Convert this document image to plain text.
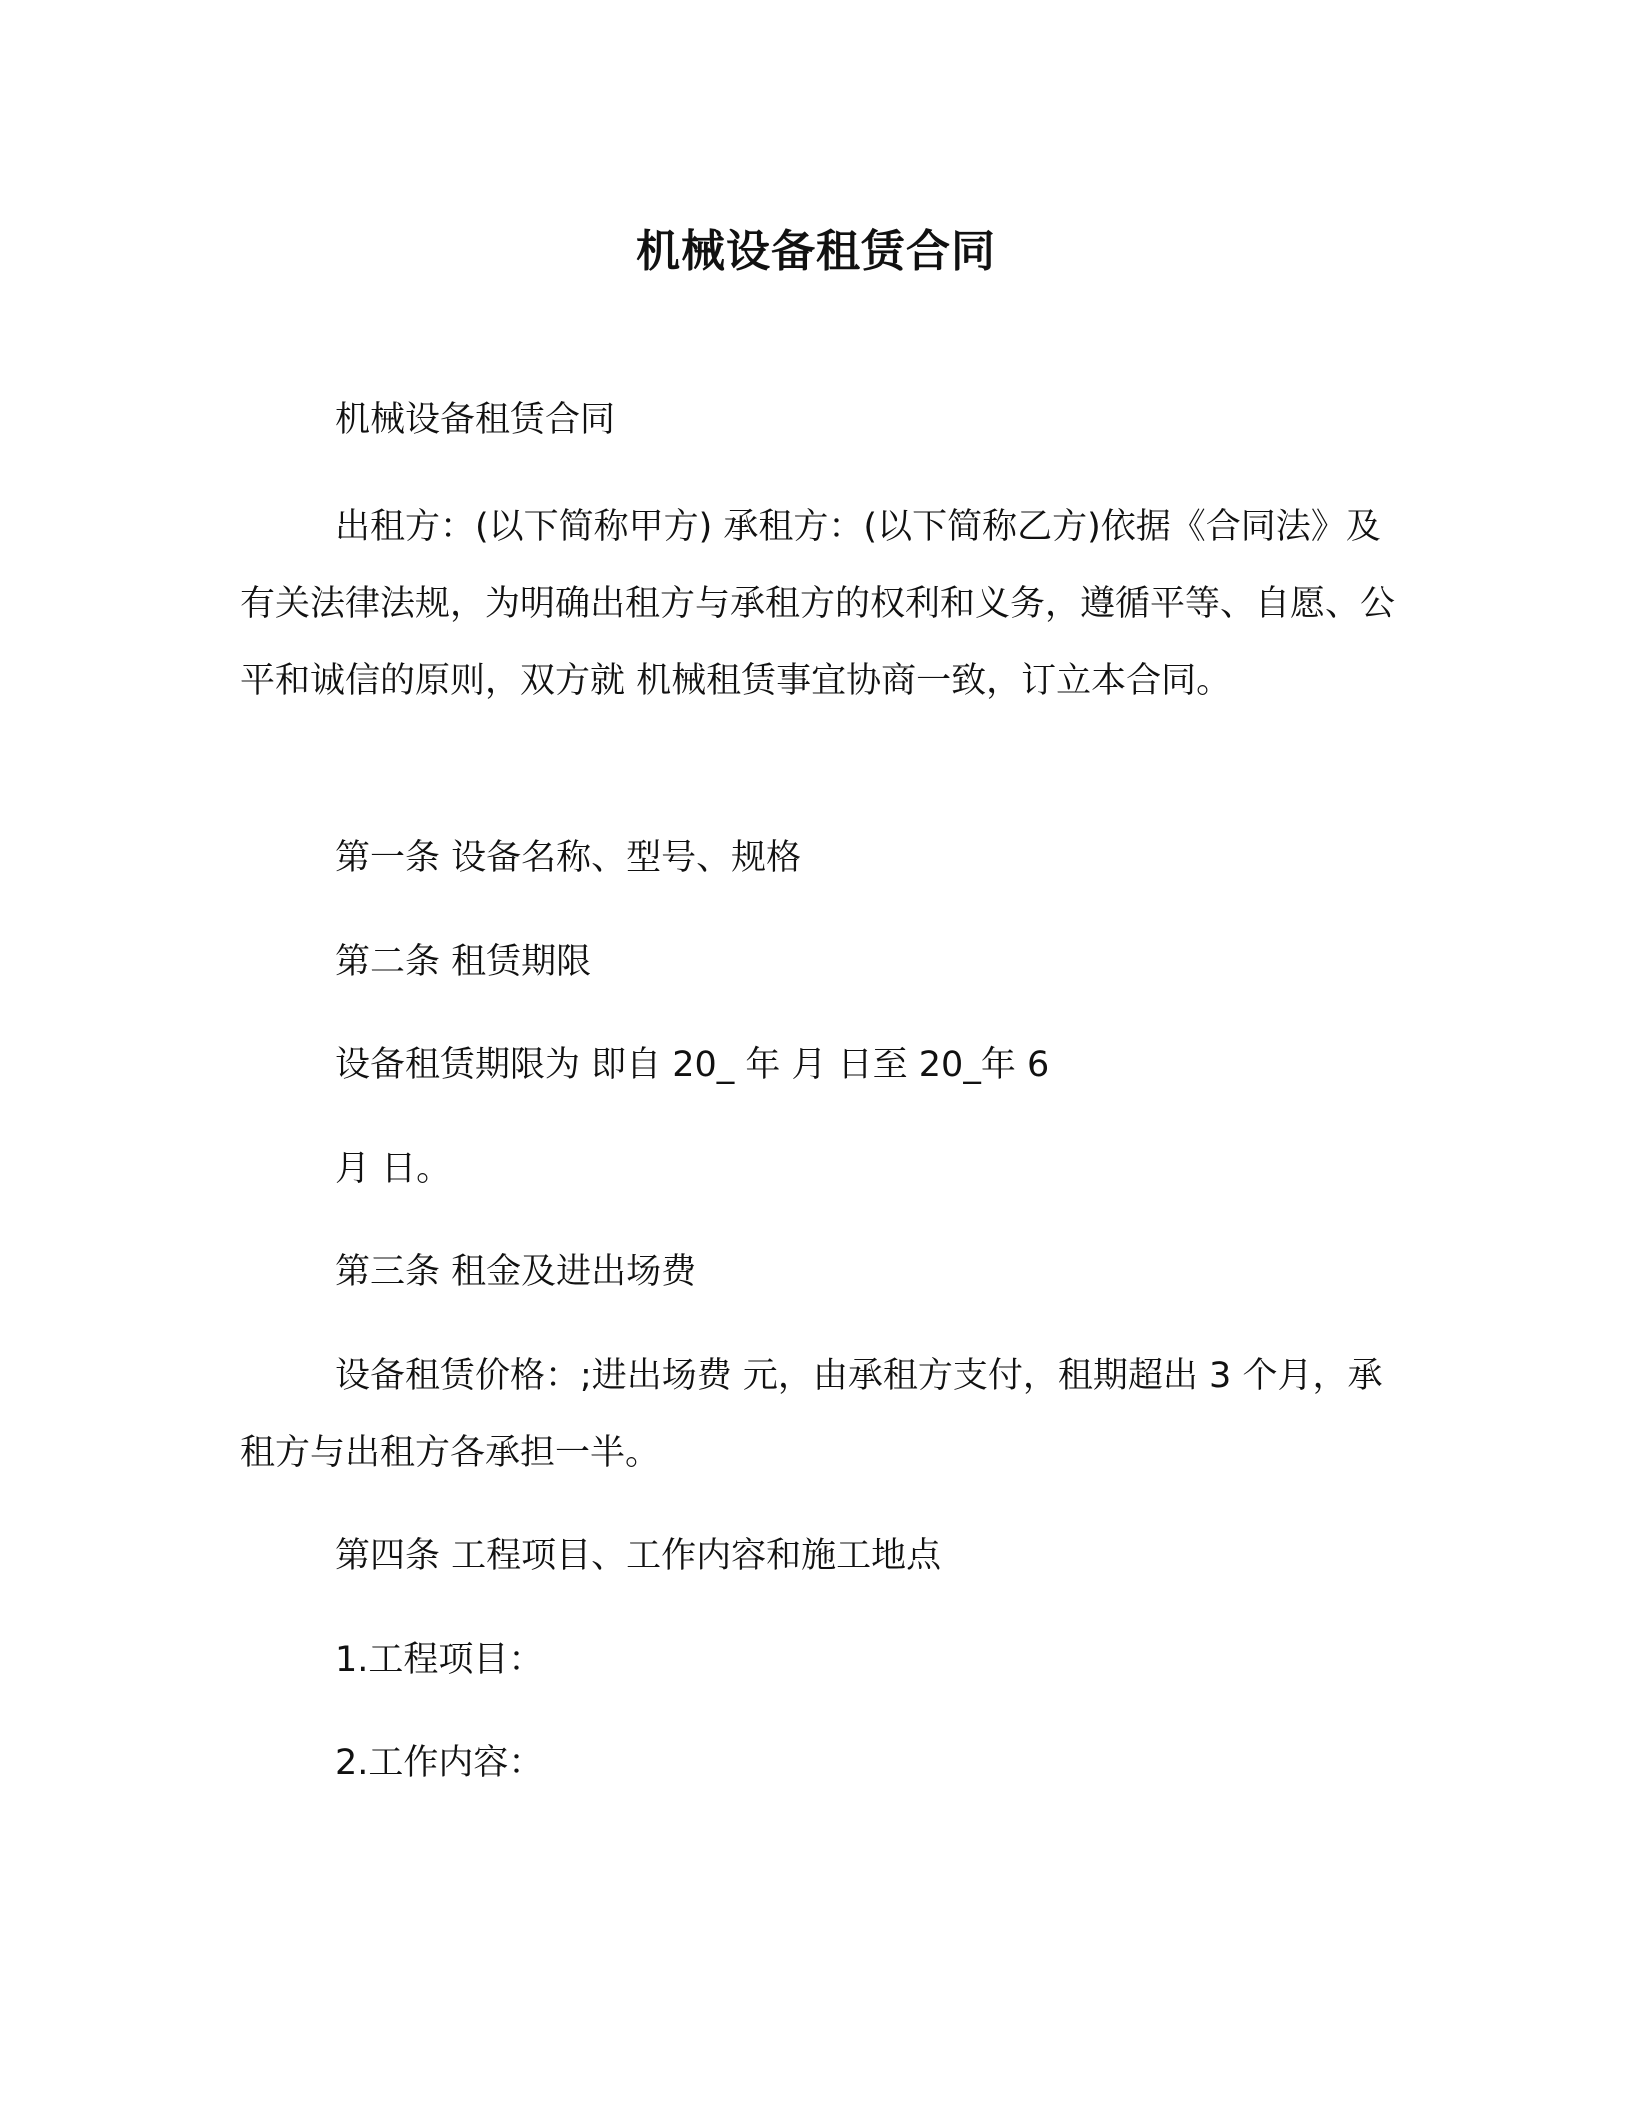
机械设备租赁合同
机械设备租赁合同

出租方：(以下简称甲方) 承租方：(以下简称乙方)依据《合同法》及有关法律法规，为明确出租方与承租方的权利和义务，遵循平等、自愿、公平和诚信的原则，双方就 机械租赁事宜协商一致，订立本合同。

第一条 设备名称、型号、规格
第二条 租赁期限
设备租赁期限为 即自 20_ 年 月 日至 20_年 6
月 日。
第三条 租金及进出场费

设备租赁价格：;进出场费 元，由承租方支付，租期超出 3 个月，承租方与出租方各承担一半。

第四条 工程项目、工作内容和施工地点
1.工程项目：
2.工作内容：
